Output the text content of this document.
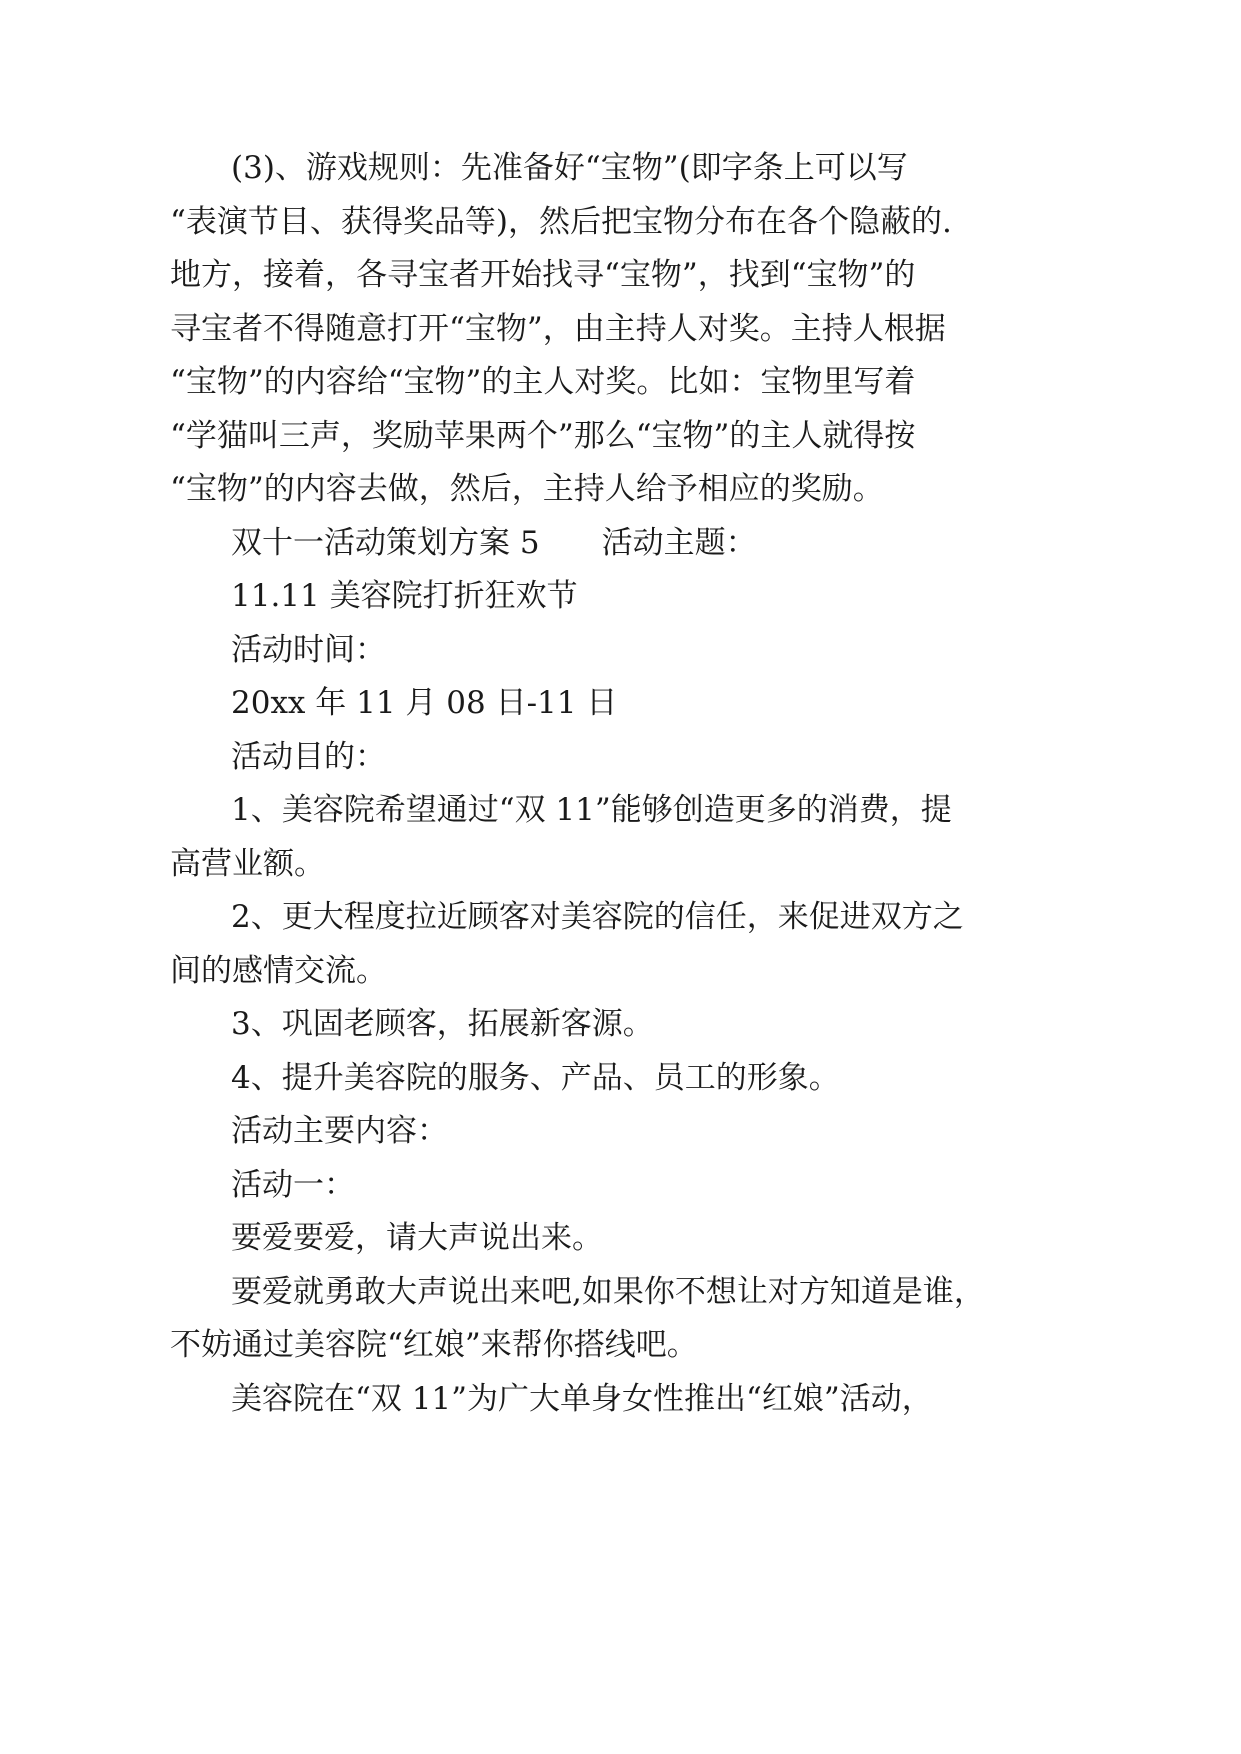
(3)、游戏规则：先准备好“宝物”(即字条上可以写

“表演节目、获得奖品等)，然后把宝物分布在各个隐蔽的.

地方，接着，各寻宝者开始找寻“宝物”，找到“宝物”的

寻宝者不得随意打开“宝物”，由主持人对奖。主持人根据

“宝物”的内容给“宝物”的主人对奖。比如：宝物里写着

“学猫叫三声，奖励苹果两个”那么“宝物”的主人就得按

“宝物”的内容去做，然后，主持人给予相应的奖励。

双十一活动策划方案 5　　活动主题：

11.11 美容院打折狂欢节

活动时间：

20xx 年 11 月 08 日-11 日

活动目的：

1、美容院希望通过“双 11”能够创造更多的消费，提

高营业额。

2、更大程度拉近顾客对美容院的信任，来促进双方之

间的感情交流。

3、巩固老顾客，拓展新客源。

4、提升美容院的服务、产品、员工的形象。

活动主要内容：

活动一：

要爱要爱，请大声说出来。

要爱就勇敢大声说出来吧,如果你不想让对方知道是谁，

不妨通过美容院“红娘”来帮你搭线吧。

美容院在“双 11”为广大单身女性推出“红娘”活动，
